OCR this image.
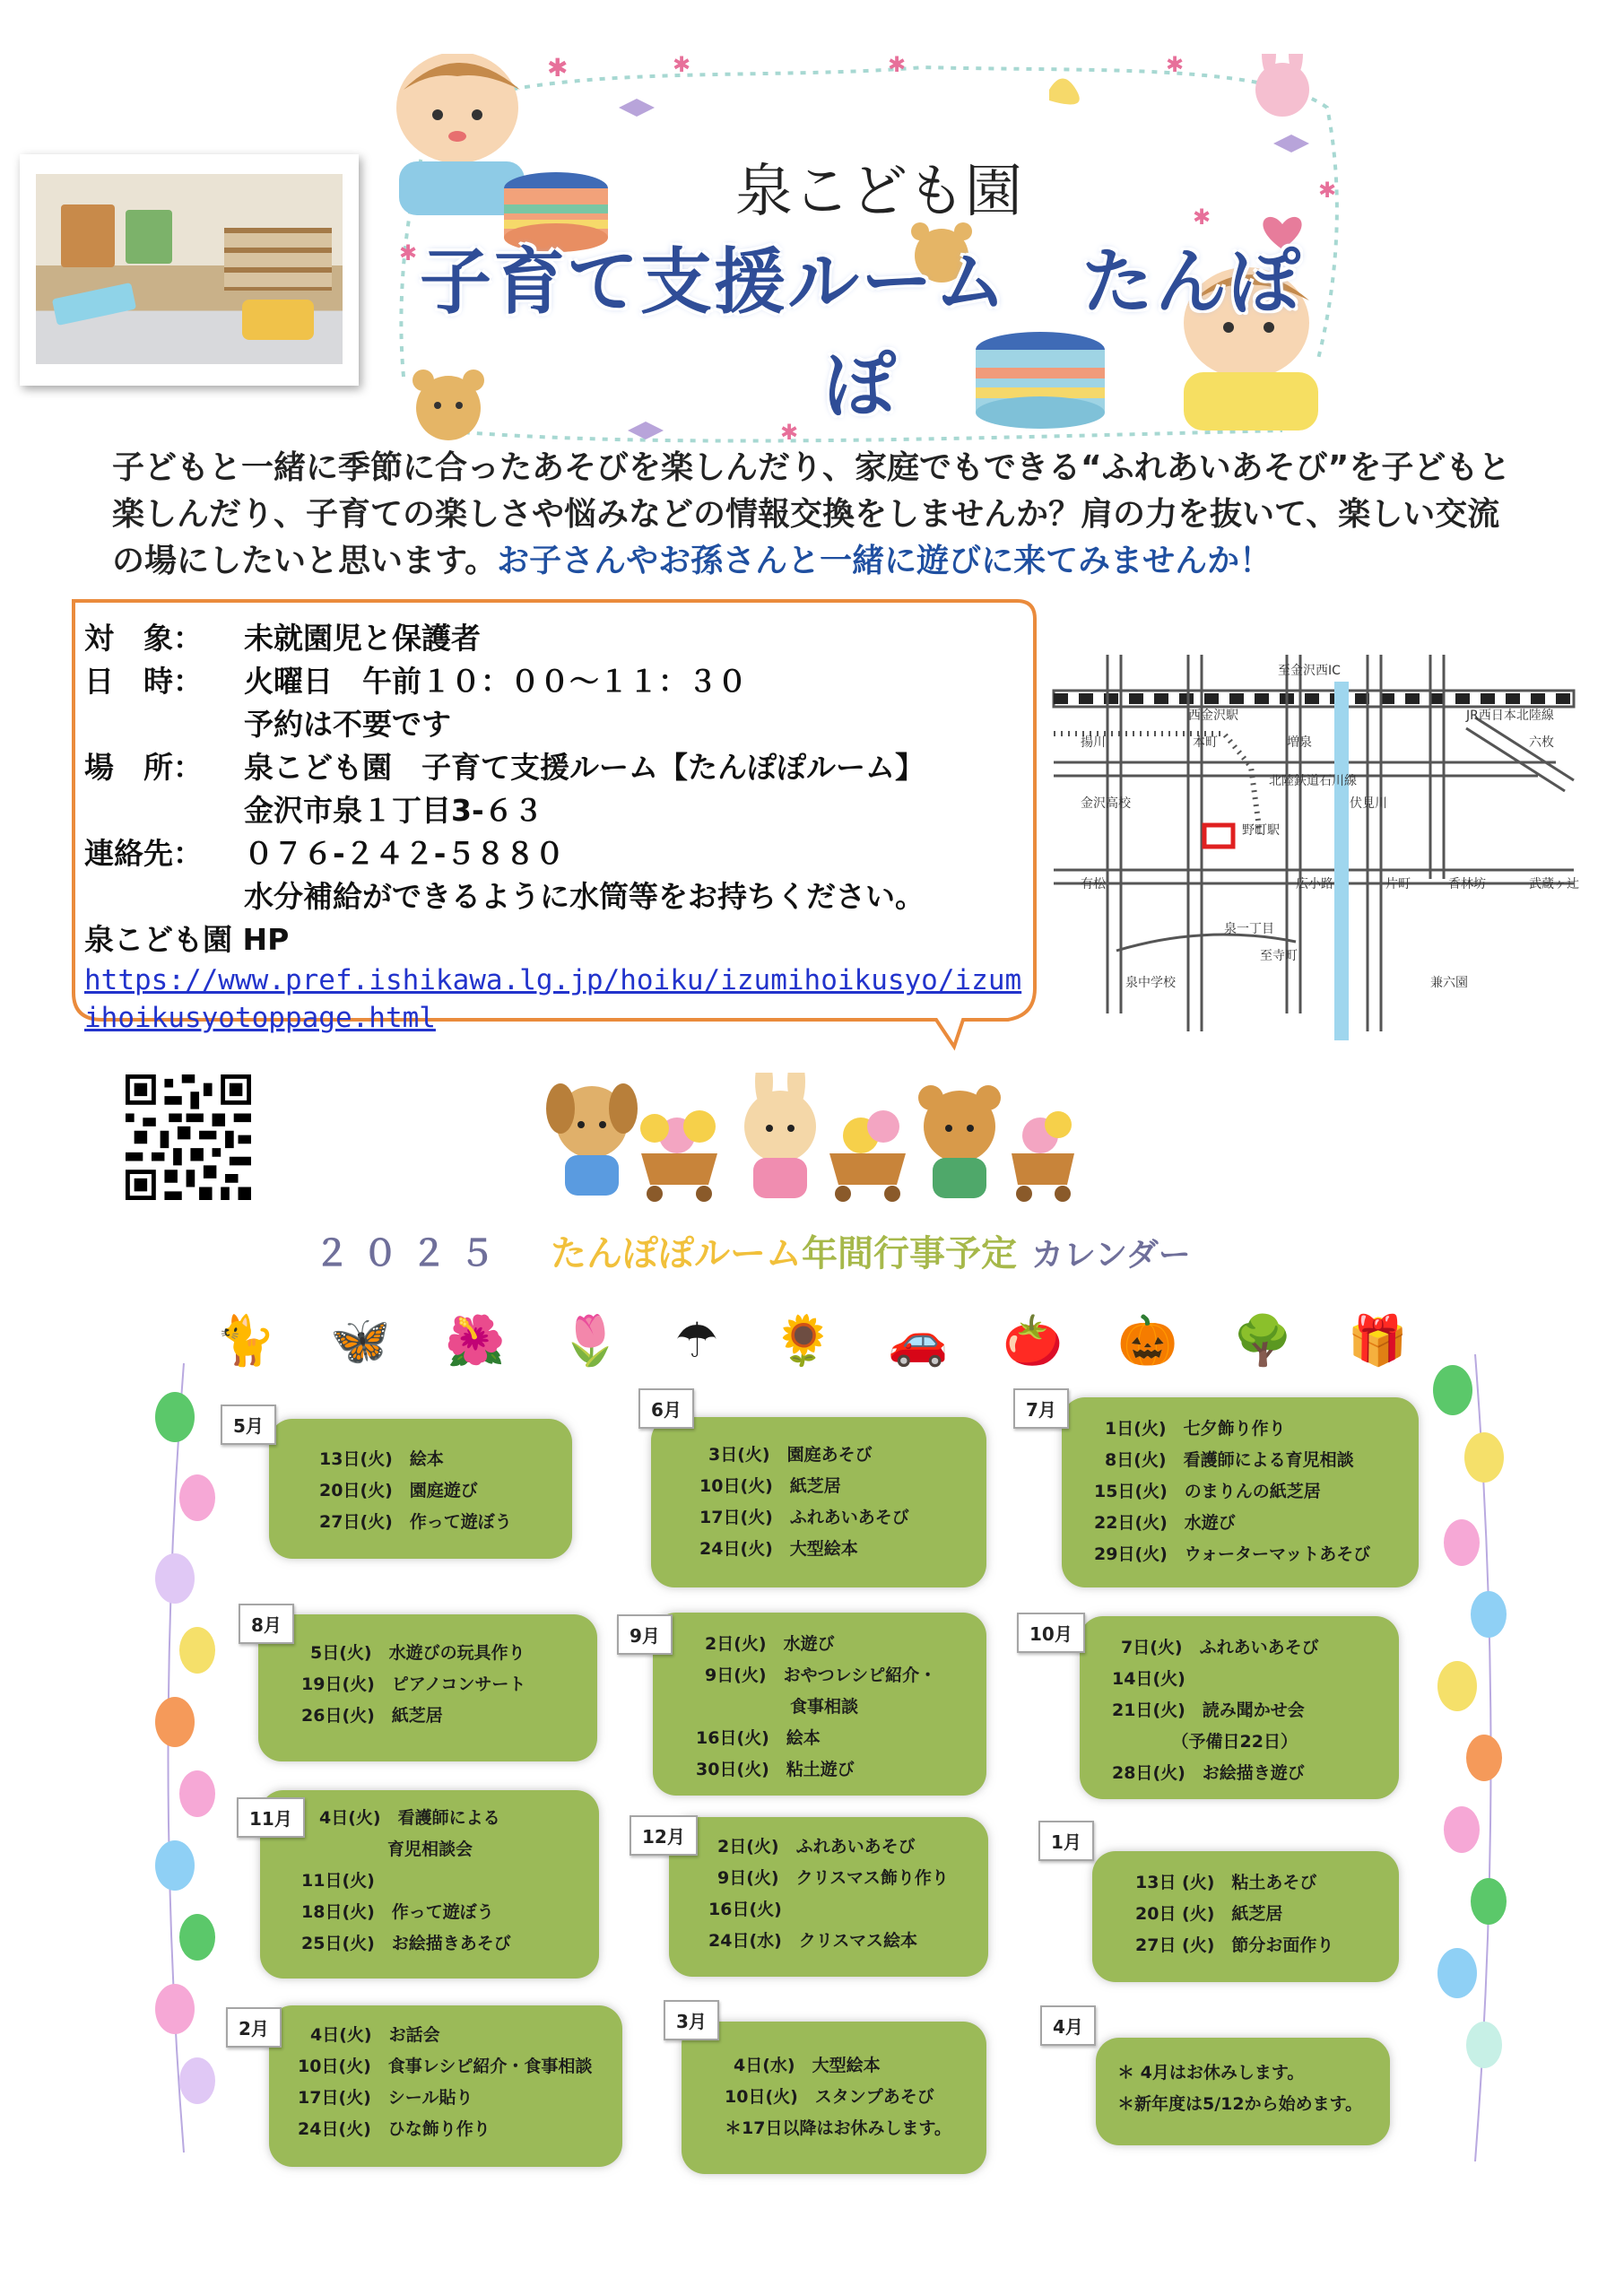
✱	✱	✱	✱
✱
✱
✱
✱
泉こども園
子育て支援ルーム　たんぽぽ
子どもと一緒に季節に合ったあそびを楽しんだり、家庭でもできる“ふれあいあそび”を子どもと楽しんだり、子育ての楽しさや悩みなどの情報交換をしませんか？肩の力を抜いて、楽しい交流の場にしたいと思います。お子さんやお孫さんと一緒に遊びに来てみませんか！
対　象：	未就園児と保護者
日　時：	火曜日　午前１０：００～１１：３０
予約は不要です
場　所：	泉こども園　子育て支援ルーム【たんぽぽルーム】
金沢市泉１丁目3-６３
連絡先：	０７６-２４２-５８８０
水分補給ができるように水筒等をお持ちください。
泉こども園 HP
https://www.pref.ishikawa.lg.jp/hoiku/izumihoikusyo/izumihoikusyotoppage.html
至金沢西IC
西金沢駅	JR西日本北陸線
揚川	本町	増泉	六枚
金沢高校
北陸鉄道石川線
伏見川
野町駅
有松	広小路	片町	香林坊	武蔵ヶ辻
泉一丁目
泉中学校
至寺町
兼六園
２０２５　　　 たんぽぽルーム年間行事予定　 カレンダー
🐈 🦋 🌺 🌷 ☂ 🌻 🚗 🍅 🎃 🌳 🎁
5月
13日(火)　絵本
20日(火)　園庭遊び
27日(火)　作って遊ぼう
6月
3日(火)　園庭あそび
10日(火)　紙芝居
17日(火)　ふれあいあそび
24日(火)　大型絵本
7月
1日(火)　七夕飾り作り
8日(火)　看護師による育児相談
15日(火)　のまりんの紙芝居
22日(火)　水遊び
29日(火)　ウォーターマットあそび
8月
5日(火)　水遊びの玩具作り
19日(火)　ピアノコンサート
26日(火)　紙芝居
9月	2日(火)　水遊び
9日(火)　おやつレシピ紹介・
　　　　　食事相談
16日(火)　絵本
30日(火)　粘土遊び
10月
7日(火)　ふれあいあそび
14日(火)
21日(火)　読み聞かせ会
　　　　（予備日22日）
28日(火)　お絵描き遊び
11月	4日(火)　看護師による
　　　　育児相談会
11日(火)
18日(火)　作って遊ぼう
25日(火)　お絵描きあそび
12月	2日(火)　ふれあいあそび
9日(火)　クリスマス飾り作り
16日(火)
24日(水)　クリスマス絵本
1月
13日 (火)　粘土あそび
20日 (火)　紙芝居
27日 (火)　節分お面作り
2月	4日(火)　お話会
10日(火)　食事レシピ紹介・食事相談
17日(火)　シール貼り
24日(火)　ひな飾り作り
3月
4日(水)　大型絵本
10日(火)　スタンプあそび
＊17日以降はお休みします。
4月
＊ 4月はお休みします。
＊新年度は5/12から始めます。
